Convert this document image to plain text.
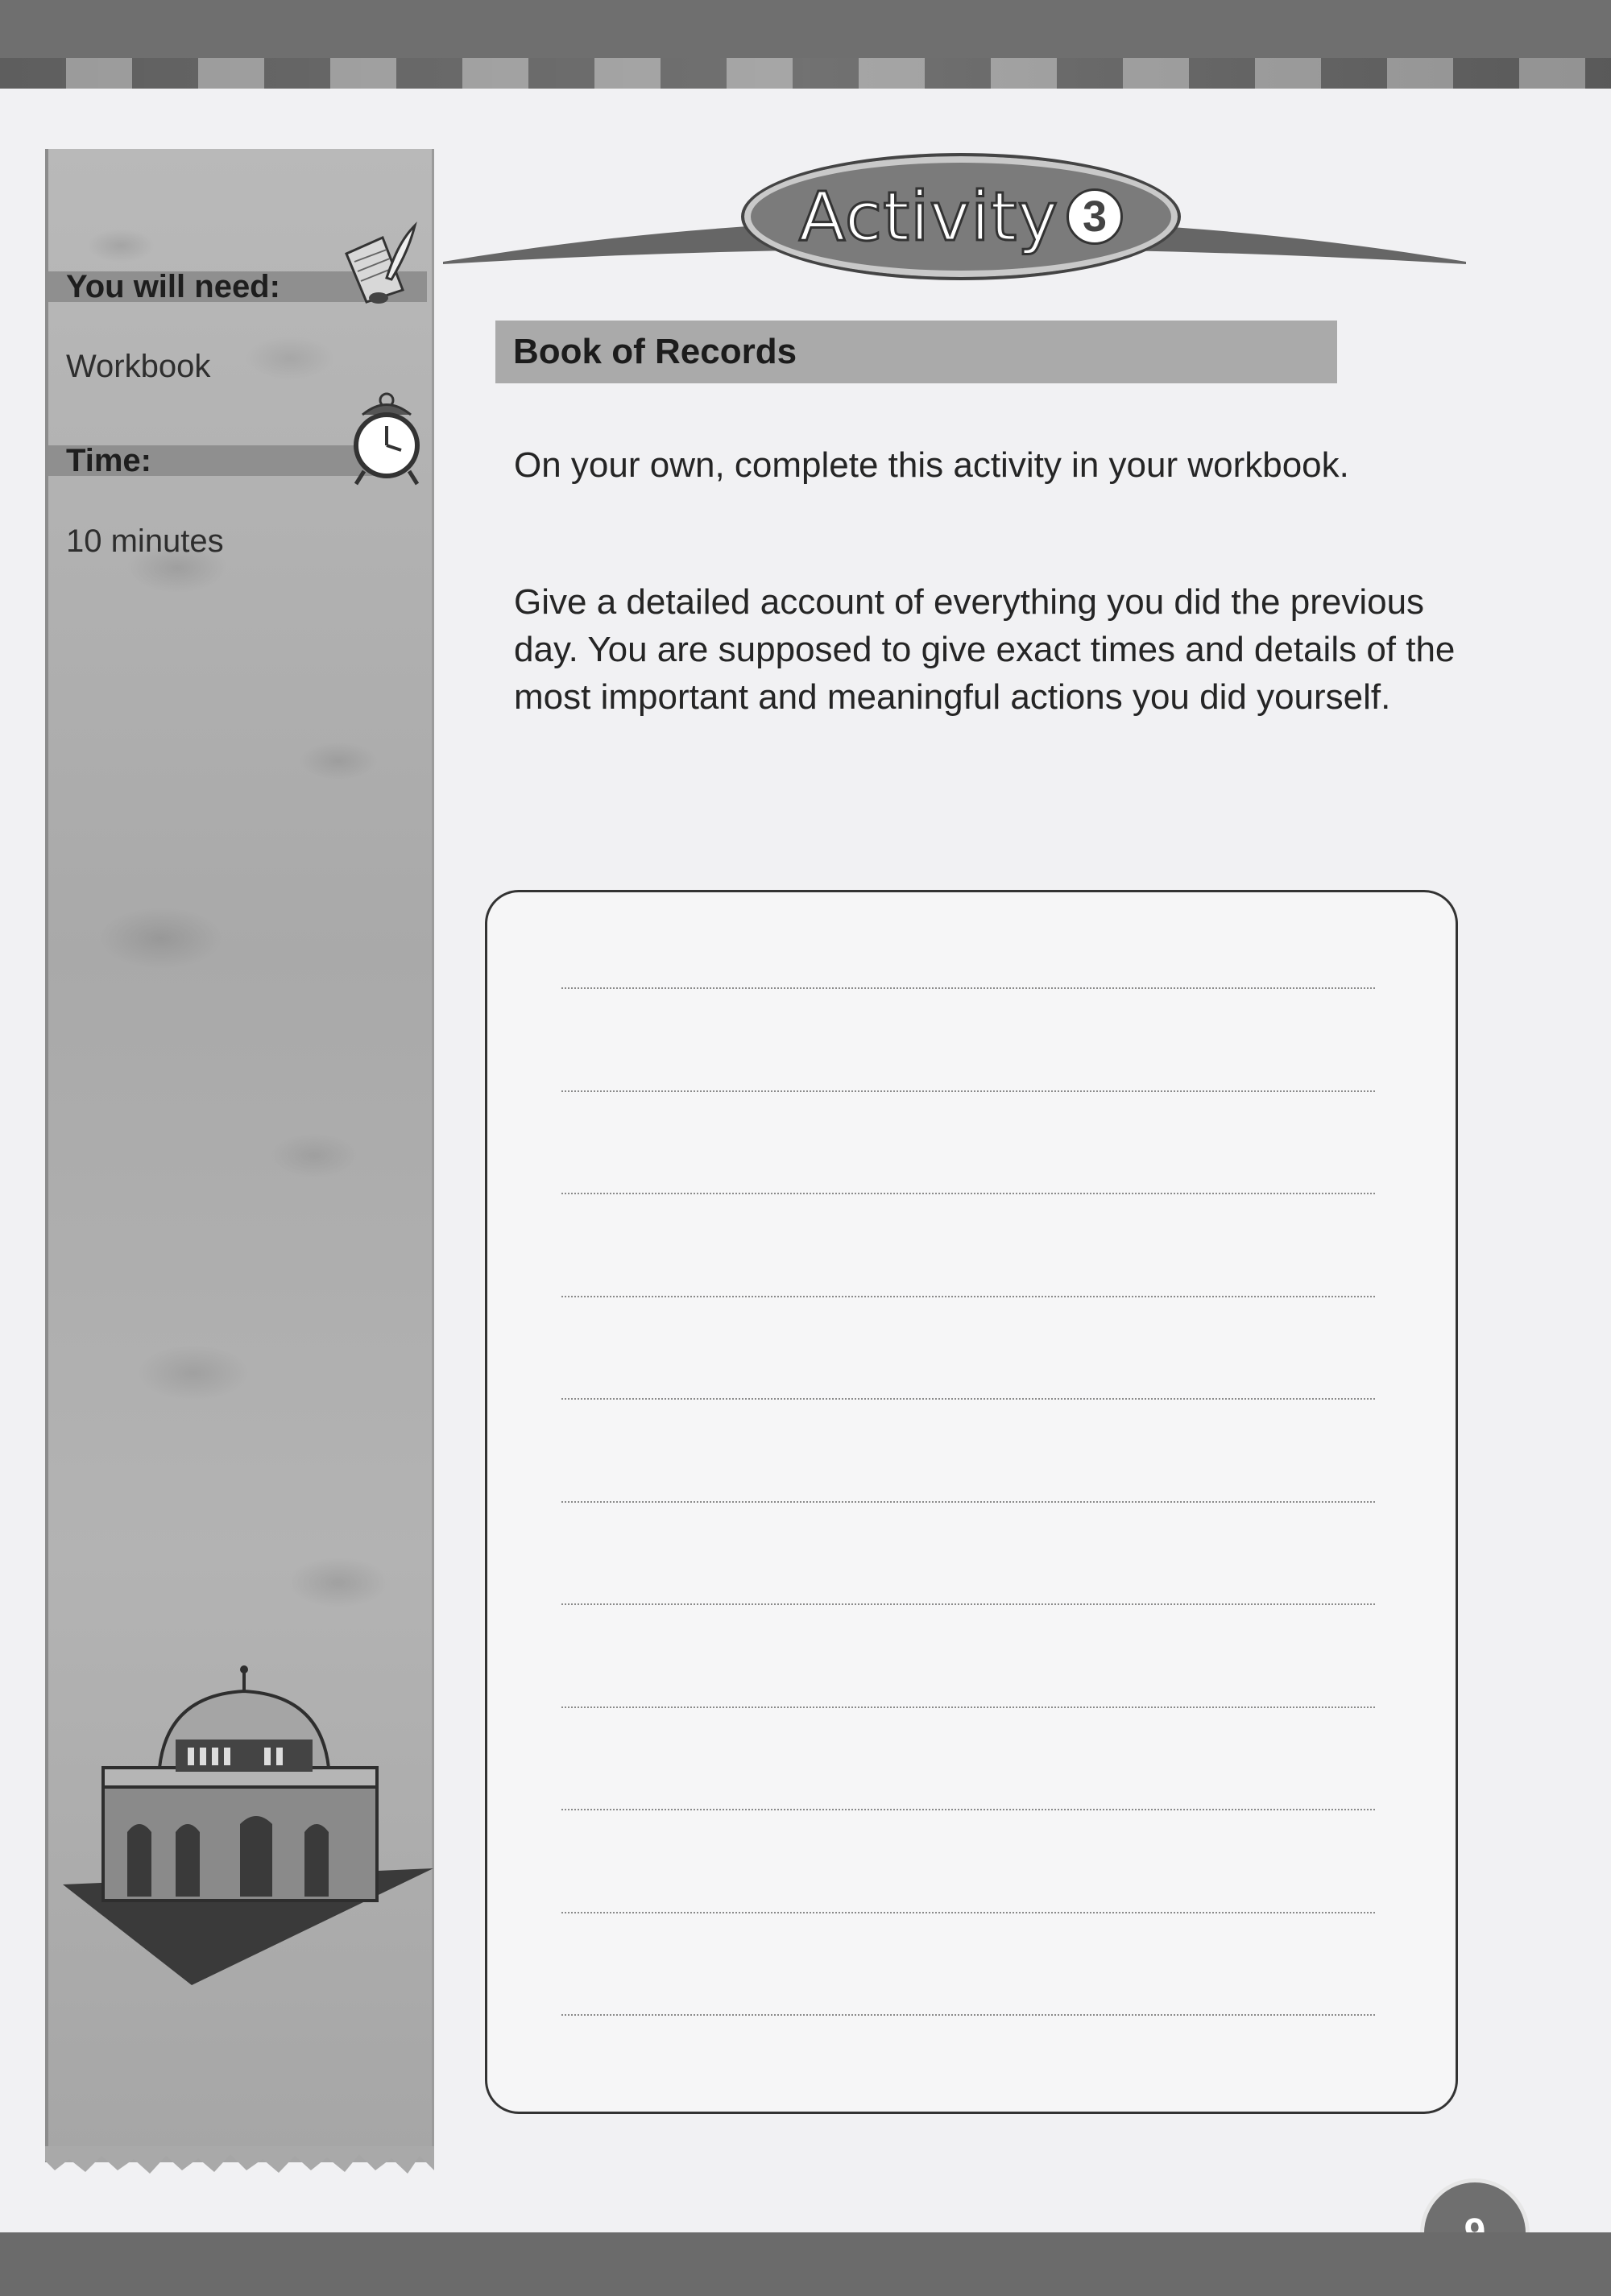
You will need:
Workbook
Time:
10 minutes
Activity 3
Book of Records

On your own, complete this activity in your workbook.

Give a detailed account of everything you did the previous day. You are supposed to give exact times and details of the most important and meaningful actions you did yourself.
